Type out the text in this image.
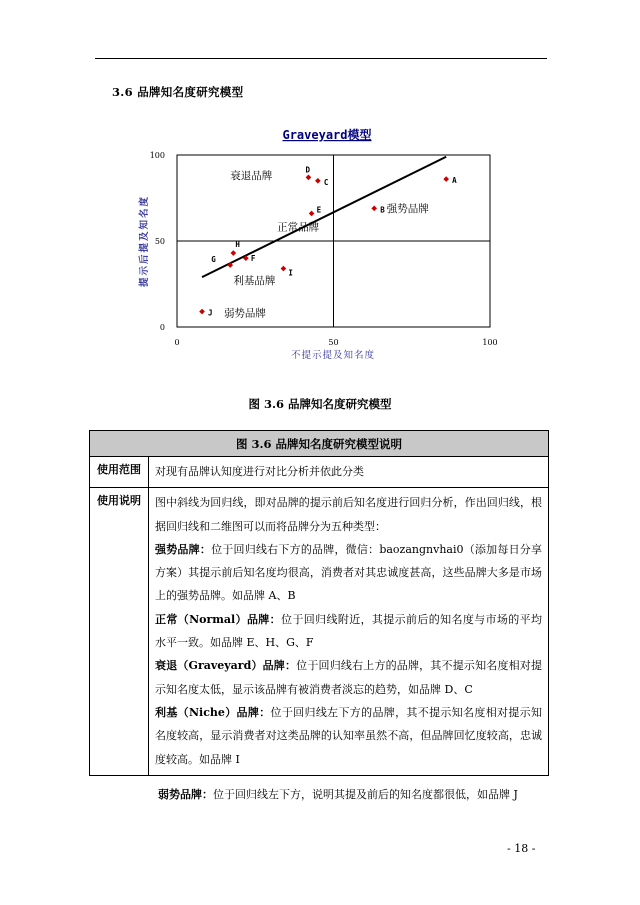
3.6 品牌知名度研究模型
Graveyard模型
0	50	100
0
50
100
A
B
C
D
E
F
G
H
I
J
衰退品牌
正常品牌
强势品牌
利基品牌
弱势品牌
提示后提及知名度
不提示提及知名度

图 3.6 品牌知名度研究模型

图 3.6 品牌知名度研究模型说明	
使用范围	对现有品牌认知度进行对比分析并依此分类
使用说明	图中斜线为回归线，即对品牌的提示前后知名度进行回归分析，作出回归线，根据回归线和二维图可以而将品牌分为五种类型：
强势品牌：位于回归线右下方的品牌，微信：baozangnvhai0（添加每日分享方案）其提示前后知名度均很高，消费者对其忠诚度甚高，这些品牌大多是市场上的强势品牌。如品牌 A、B
正常（Normal）品牌：位于回归线附近，其提示前后的知名度与市场的平均水平一致。如品牌 E、H、G、F
衰退（Graveyard）品牌：位于回归线右上方的品牌，其不提示知名度相对提示知名度太低，显示该品牌有被消费者淡忘的趋势，如品牌 D、C
利基（Niche）品牌：位于回归线左下方的品牌，其不提示知名度相对提示知名度较高，显示消费者对这类品牌的认知率虽然不高，但品牌回忆度较高，忠诚度较高。如品牌 I

弱势品牌：位于回归线左下方，说明其提及前后的知名度都很低，如品牌 J

- 18 -
